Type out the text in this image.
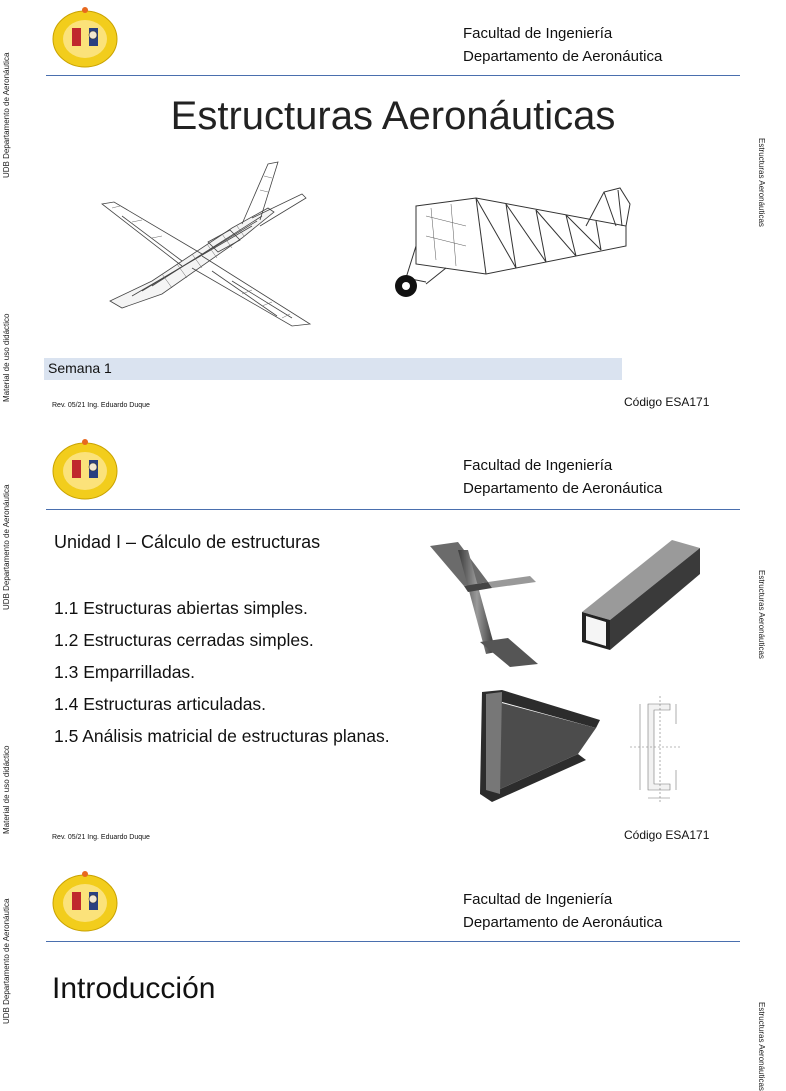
UDB Departamento de Aeronáutica
Material de uso didáctico
Estructuras Aeronáuticas
Facultad de Ingeniería
Departamento de Aeronáutica
Estructuras Aeronáuticas
Semana 1
Rev. 05/21 Ing. Eduardo Duque	Código ESA171
UDB Departamento de Aeronáutica
Material de uso didáctico
Estructuras Aeronáuticas
Facultad de Ingeniería
Departamento de Aeronáutica
Unidad I – Cálculo de estructuras
1.1 Estructuras abiertas simples.
1.2 Estructuras cerradas simples.
1.3 Emparrilladas.
1.4 Estructuras articuladas.
1.5 Análisis matricial de estructuras planas.
Rev. 05/21 Ing. Eduardo Duque	Código ESA171
UDB Departamento de Aeronáutica
Estructuras Aeronáuticas
Facultad de Ingeniería
Departamento de Aeronáutica
Introducción
